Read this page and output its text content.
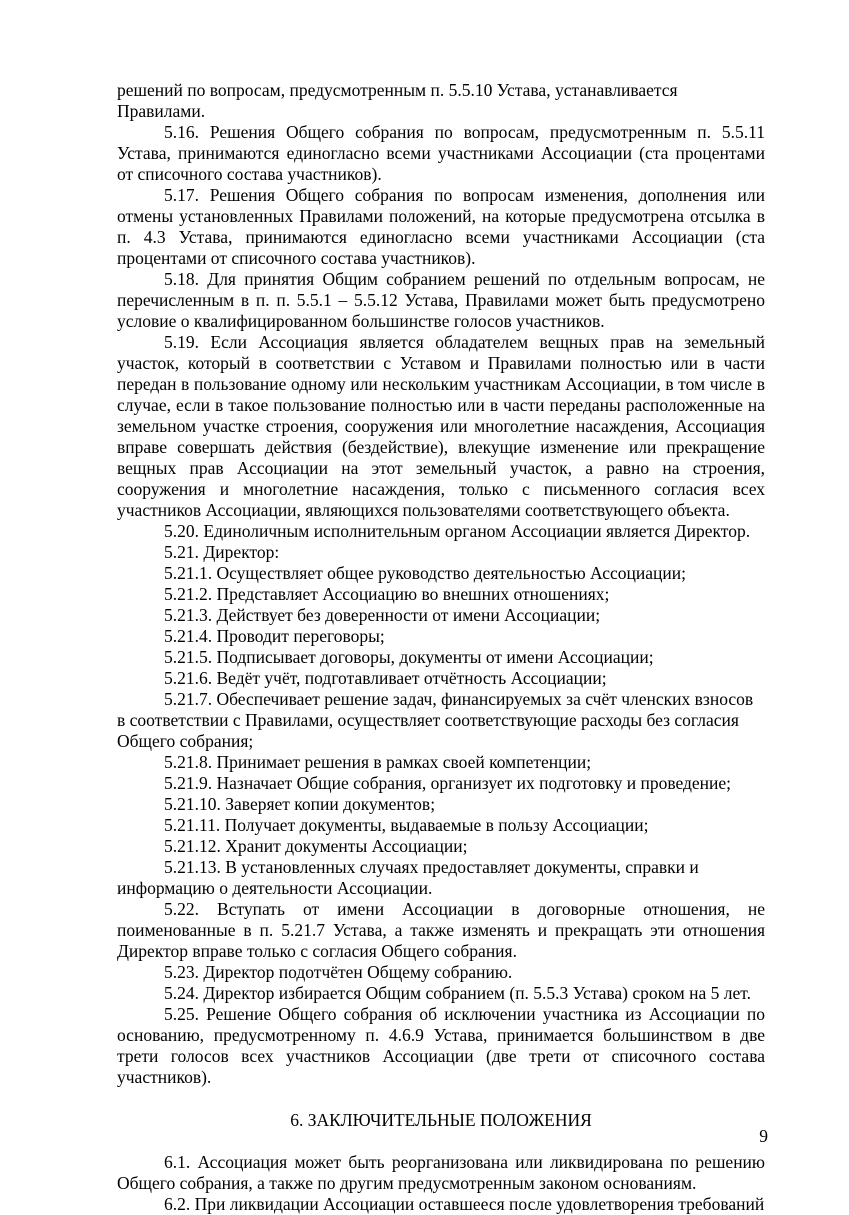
решений по вопросам, предусмотренным п. 5.5.10 Устава, устанавливается Правилами.

5.16. Решения Общего собрания по вопросам, предусмотренным п. 5.5.11 Устава, принимаются единогласно всеми участниками Ассоциации (ста процентами от списочного состава участников).

5.17. Решения Общего собрания по вопросам изменения, дополнения или отмены установленных Правилами положений, на которые предусмотрена отсылка в п. 4.3 Устава, принимаются единогласно всеми участниками Ассоциации (ста процентами от списочного состава участников).

5.18. Для принятия Общим собранием решений по отдельным вопросам, не перечисленным в п. п. 5.5.1 – 5.5.12 Устава, Правилами может быть предусмотрено условие о квалифицированном большинстве голосов участников.

5.19. Если Ассоциация является обладателем вещных прав на земельный участок, который в соответствии с Уставом и Правилами полностью или в части передан в пользование одному или нескольким участникам Ассоциации, в том числе в случае, если в такое пользование полностью или в части переданы расположенные на земельном участке строения, сооружения или многолетние насаждения, Ассоциация вправе совершать действия (бездействие), влекущие изменение или прекращение вещных прав Ассоциации на этот земельный участок, а равно на строения, сооружения и многолетние насаждения, только с письменного согласия всех участников Ассоциации, являющихся пользователями соответствующего объекта.

5.20. Единоличным исполнительным органом Ассоциации является Директор.

5.21. Директор:

5.21.1. Осуществляет общее руководство деятельностью Ассоциации;

5.21.2. Представляет Ассоциацию во внешних отношениях;

5.21.3. Действует без доверенности от имени Ассоциации;

5.21.4. Проводит переговоры;

5.21.5. Подписывает договоры, документы от имени Ассоциации;

5.21.6. Ведёт учёт, подготавливает отчётность Ассоциации;

5.21.7. Обеспечивает решение задач, финансируемых за счёт членских взносов в соответствии с Правилами, осуществляет соответствующие расходы без согласия Общего собрания;

5.21.8. Принимает решения в рамках своей компетенции;

5.21.9. Назначает Общие собрания, организует их подготовку и проведение;

5.21.10. Заверяет копии документов;

5.21.11. Получает документы, выдаваемые в пользу Ассоциации;

5.21.12. Хранит документы Ассоциации;

5.21.13. В установленных случаях предоставляет документы, справки и информацию о деятельности Ассоциации.

5.22. Вступать от имени Ассоциации в договорные отношения, не поименованные в п. 5.21.7 Устава, а также изменять и прекращать эти отношения Директор вправе только с согласия Общего собрания.

5.23. Директор подотчётен Общему собранию.

5.24. Директор избирается Общим собранием (п. 5.5.3 Устава) сроком на 5 лет.

5.25. Решение Общего собрания об исключении участника из Ассоциации по основанию, предусмотренному п. 4.6.9 Устава, принимается большинством в две трети голосов всех участников Ассоциации (две трети от списочного состава участников).

6. ЗАКЛЮЧИТЕЛЬНЫЕ ПОЛОЖЕНИЯ

6.1. Ассоциация может быть реорганизована или ликвидирована по решению Общего собрания, а также по другим предусмотренным законом основаниям.

6.2. При ликвидации Ассоциации оставшееся после удовлетворения требований

9
